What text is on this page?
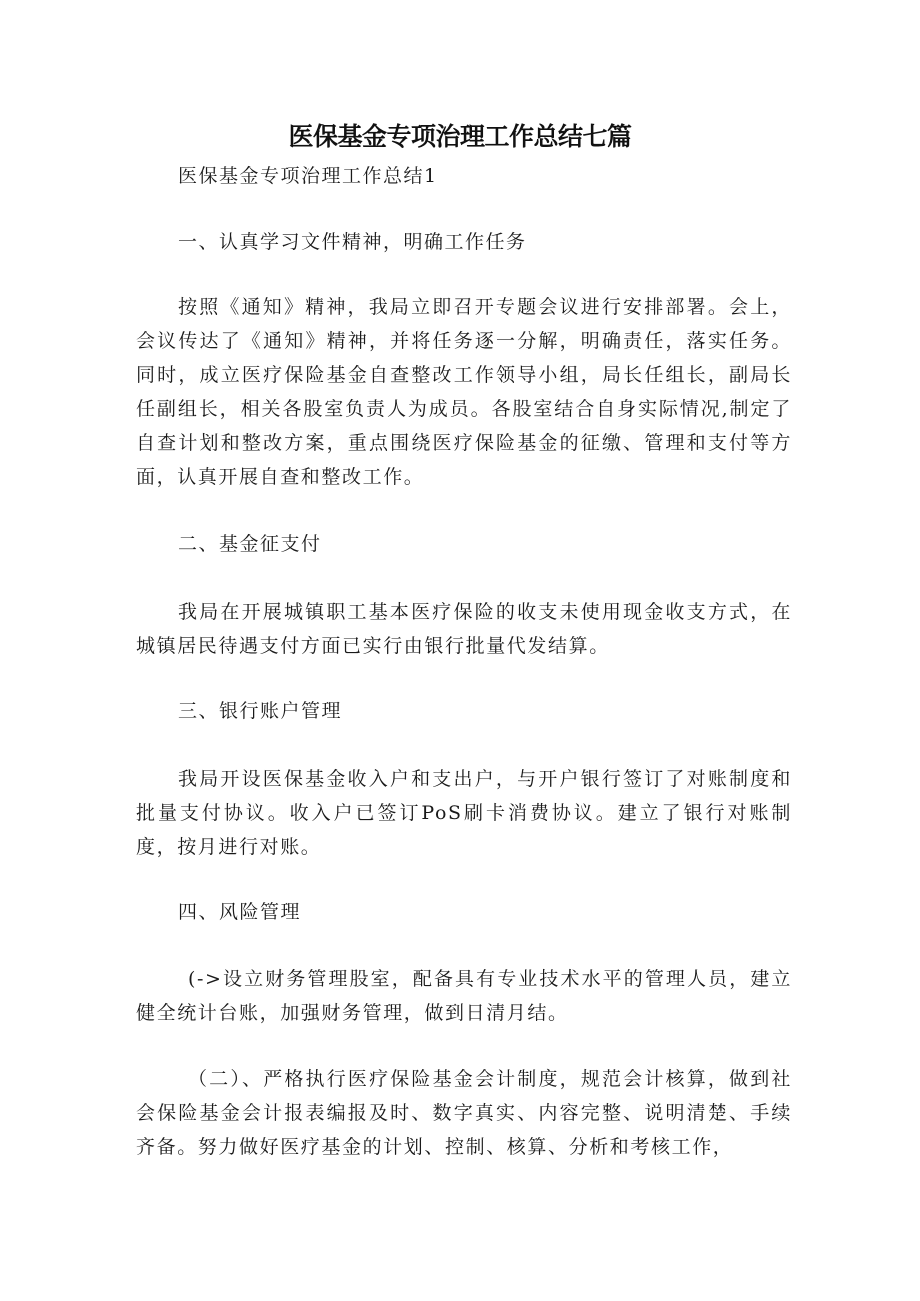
医保基金专项治理工作总结七篇
医保基金专项治理工作总结1
一、认真学习文件精神，明确工作任务

按照《通知》精神，我局立即召开专题会议进行安排部署。会上，会议传达了《通知》精神，并将任务逐一分解，明确责任，落实任务。同时，成立医疗保险基金自查整改工作领导小组，局长任组长，副局长任副组长，相关各股室负责人为成员。各股室结合自身实际情况,制定了自查计划和整改方案，重点围绕医疗保险基金的征缴、管理和支付等方面，认真开展自查和整改工作。

二、基金征支付

我局在开展城镇职工基本医疗保险的收支未使用现金收支方式，在城镇居民待遇支付方面已实行由银行批量代发结算。

三、银行账户管理

我局开设医保基金收入户和支出户，与开户银行签订了对账制度和批量支付协议。收入户已签订PoS刷卡消费协议。建立了银行对账制度，按月进行对账。

四、风险管理

(->设立财务管理股室，配备具有专业技术水平的管理人员，建立健全统计台账，加强财务管理，做到日清月结。

（二）、严格执行医疗保险基金会计制度，规范会计核算，做到社会保险基金会计报表编报及时、数字真实、内容完整、说明清楚、手续齐备。努力做好医疗基金的计划、控制、核算、分析和考核工作，
